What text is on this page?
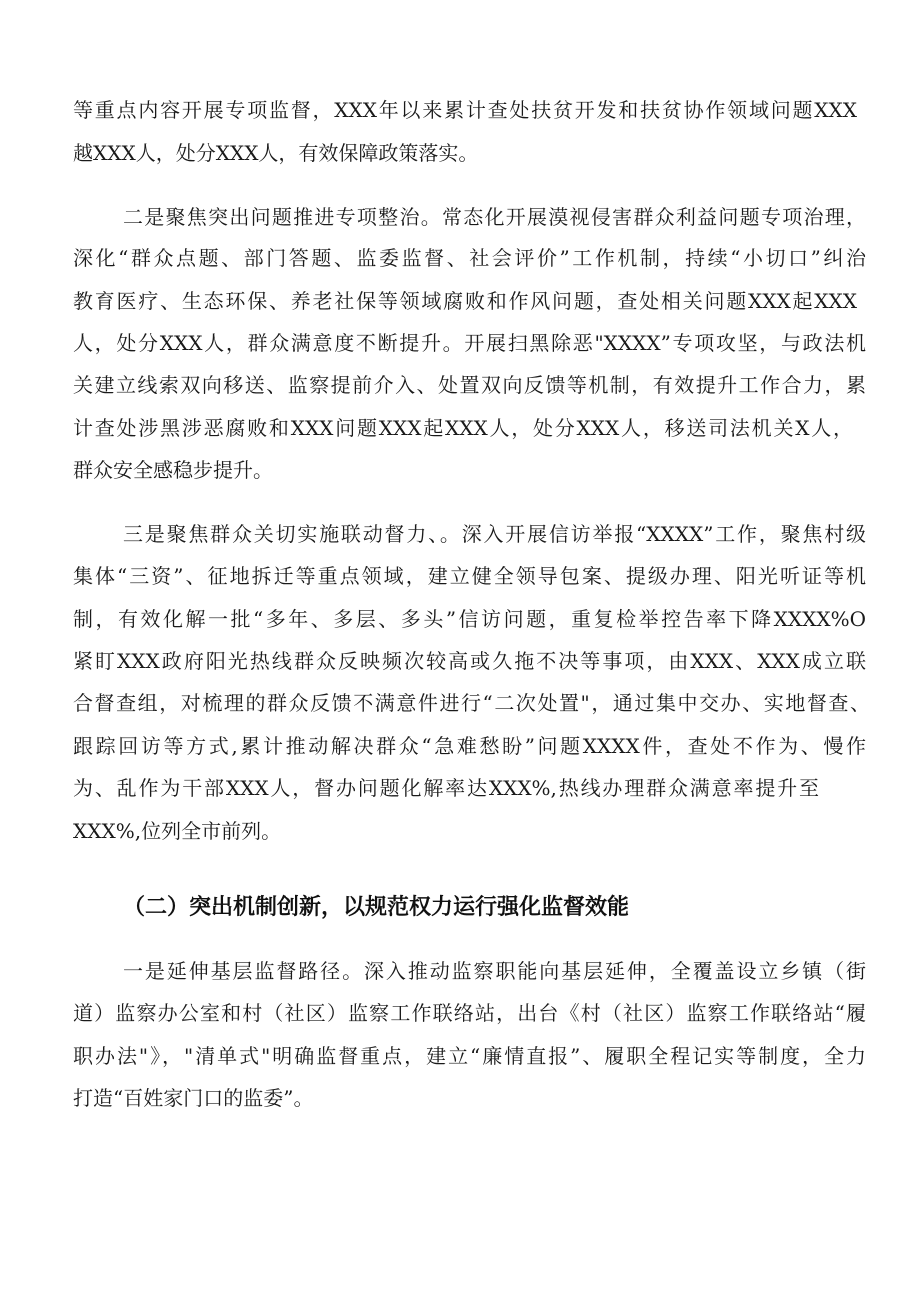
等重点内容开展专项监督，XXX年以来累计查处扶贫开发和扶贫协作领域问题XXX

越XXX人，处分XXX人，有效保障政策落实。

二是聚焦突出问题推进专项整治。常态化开展漠视侵害群众利益问题专项治理，

深化“群众点题、部门答题、监委监督、社会评价”工作机制，持续“小切口”纠治

教育医疗、生态环保、养老社保等领域腐败和作风问题，查处相关问题XXX起XXX

人，处分XXX人，群众满意度不断提升。开展扫黑除恶"XXXX”专项攻坚，与政法机

关建立线索双向移送、监察提前介入、处置双向反馈等机制，有效提升工作合力，累

计查处涉黑涉恶腐败和XXX问题XXX起XXX人，处分XXX人，移送司法机关X人，

群众安全感稳步提升。

三是聚焦群众关切实施联动督力、。深入开展信访举报“XXXX”工作，聚焦村级

集体“三资”、征地拆迁等重点领域，建立健全领导包案、提级办理、阳光听证等机

制，有效化解一批“多年、多层、多头”信访问题，重复检举控告率下降XXXX%O

紧盯XXX政府阳光热线群众反映频次较高或久拖不决等事项，由XXX、XXX成立联

合督查组，对梳理的群众反馈不满意件进行“二次处置"，通过集中交办、实地督查、

跟踪回访等方式,累计推动解决群众“急难愁盼”问题XXXX件，查处不作为、慢作

为、乱作为干部XXX人，督办问题化解率达XXX%,热线办理群众满意率提升至

XXX%,位列全市前列。

（二）突出机制创新，以规范权力运行强化监督效能

一是延伸基层监督路径。深入推动监察职能向基层延伸，全覆盖设立乡镇（街

道）监察办公室和村（社区）监察工作联络站，出台《村（社区）监察工作联络站“履

职办法"》，"清单式"明确监督重点，建立“廉情直报”、履职全程记实等制度，全力

打造“百姓家门口的监委”。
